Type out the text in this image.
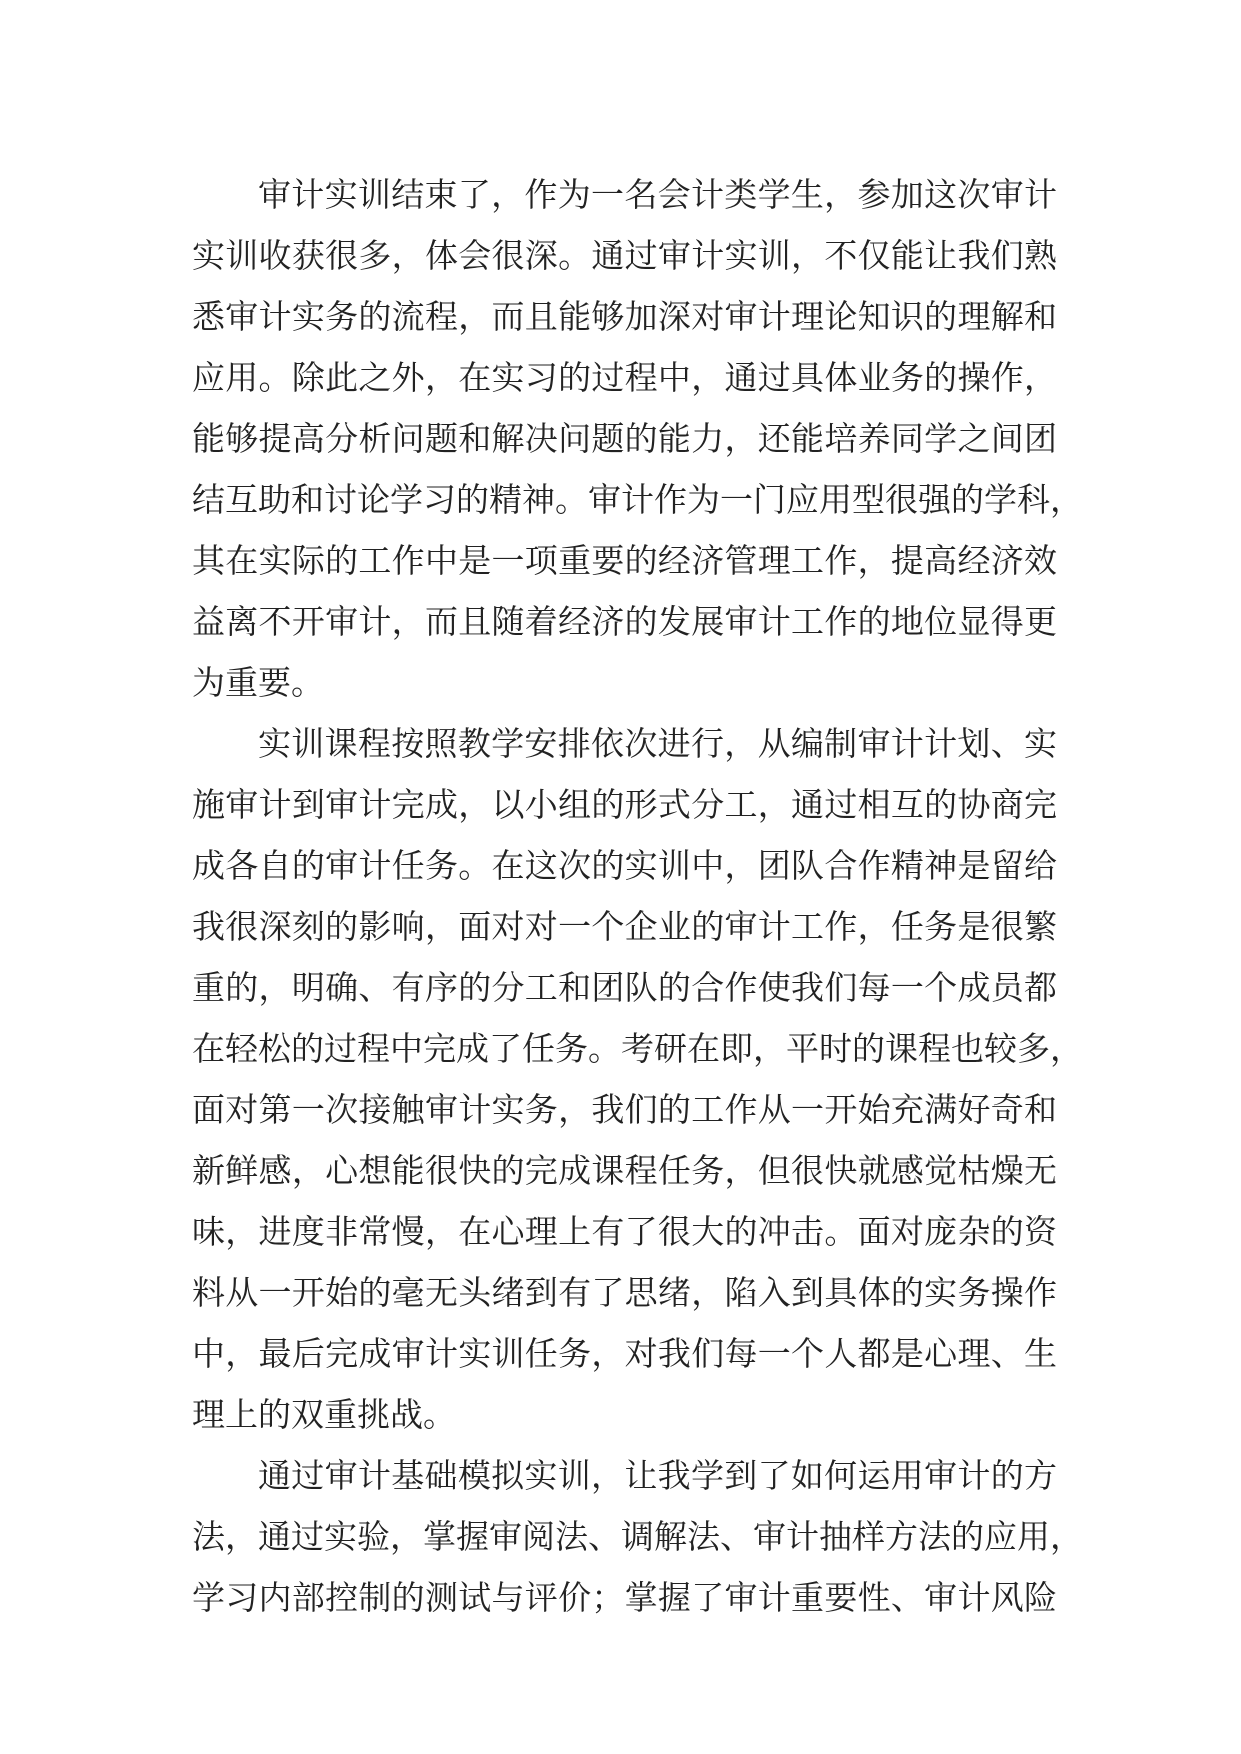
审计实训结束了，作为一名会计类学生，参加这次审计
实训收获很多，体会很深。通过审计实训，不仅能让我们熟
悉审计实务的流程，而且能够加深对审计理论知识的理解和
应用。除此之外，在实习的过程中，通过具体业务的操作，
能够提高分析问题和解决问题的能力，还能培养同学之间团
结互助和讨论学习的精神。审计作为一门应用型很强的学科，
其在实际的工作中是一项重要的经济管理工作，提高经济效
益离不开审计，而且随着经济的发展审计工作的地位显得更
为重要。
实训课程按照教学安排依次进行，从编制审计计划、实
施审计到审计完成，以小组的形式分工，通过相互的协商完
成各自的审计任务。在这次的实训中，团队合作精神是留给
我很深刻的影响，面对对一个企业的审计工作，任务是很繁
重的，明确、有序的分工和团队的合作使我们每一个成员都
在轻松的过程中完成了任务。考研在即，平时的课程也较多，
面对第一次接触审计实务，我们的工作从一开始充满好奇和
新鲜感，心想能很快的完成课程任务，但很快就感觉枯燥无
味，进度非常慢，在心理上有了很大的冲击。面对庞杂的资
料从一开始的毫无头绪到有了思绪，陷入到具体的实务操作
中，最后完成审计实训任务，对我们每一个人都是心理、生
理上的双重挑战。
通过审计基础模拟实训，让我学到了如何运用审计的方
法，通过实验，掌握审阅法、调解法、审计抽样方法的应用，
学习内部控制的测试与评价；掌握了审计重要性、审计风险
